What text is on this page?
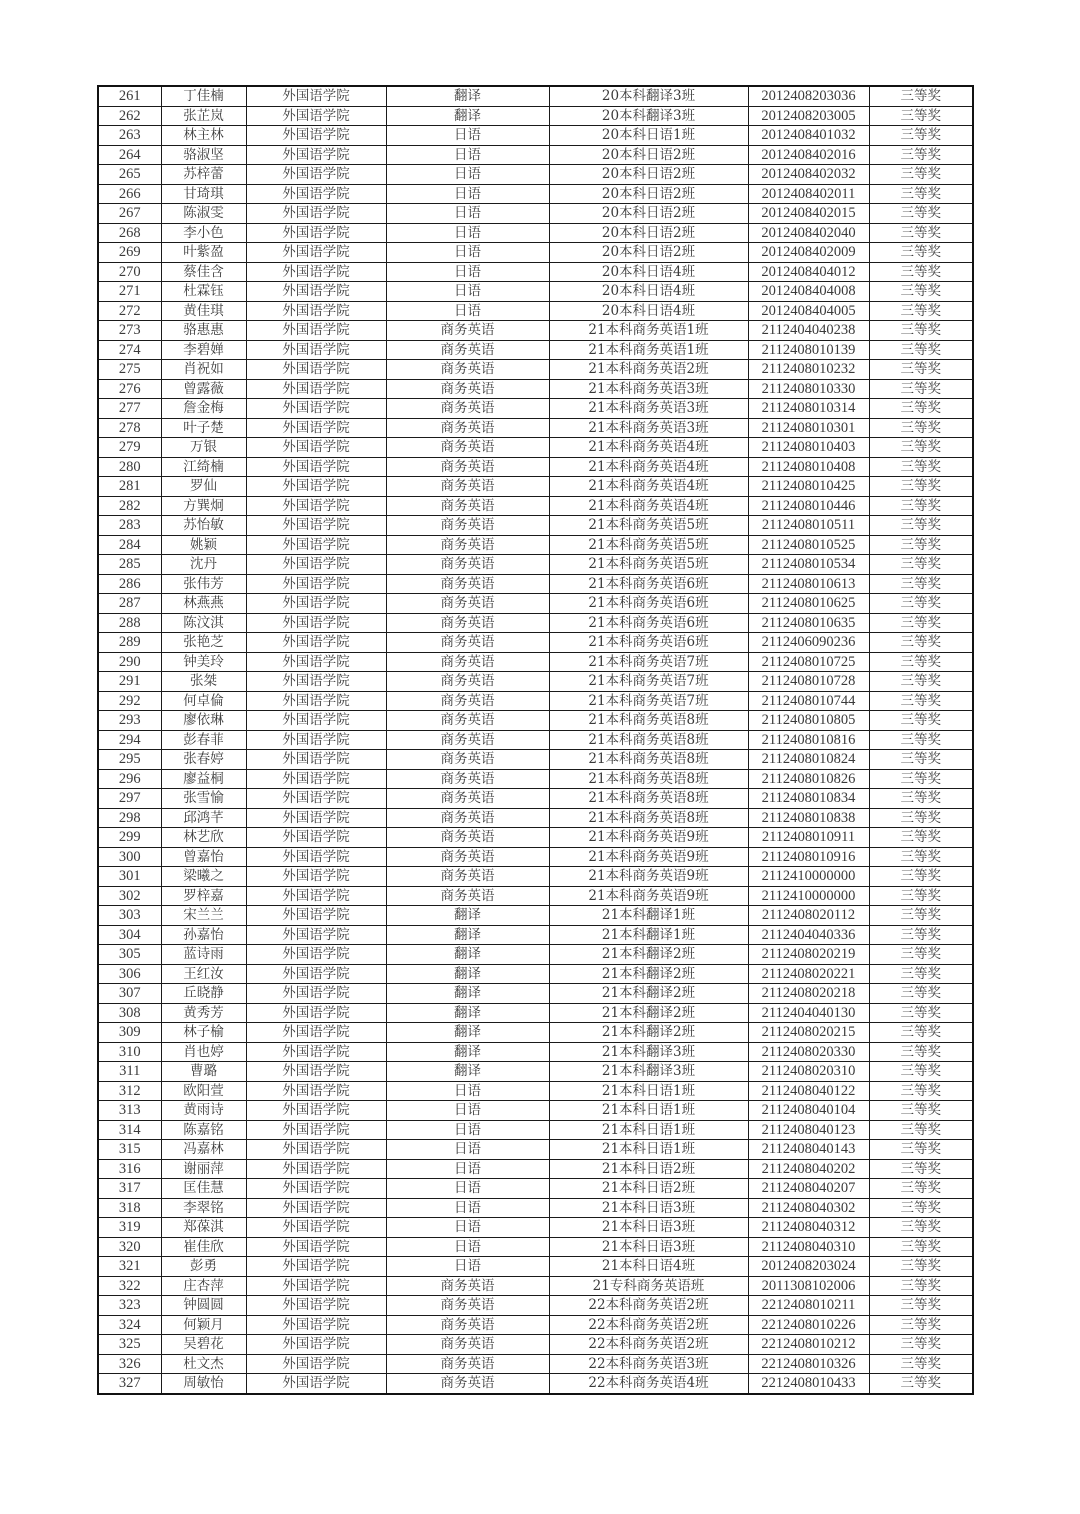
261	丁佳楠	外国语学院	翻译	20本科翻译3班	2012408203036	三等奖
262	张芷岚	外国语学院	翻译	20本科翻译3班	2012408203005	三等奖
263	林主林	外国语学院	日语	20本科日语1班	2012408401032	三等奖
264	骆淑坚	外国语学院	日语	20本科日语2班	2012408402016	三等奖
265	苏梓蕾	外国语学院	日语	20本科日语2班	2012408402032	三等奖
266	甘琦琪	外国语学院	日语	20本科日语2班	2012408402011	三等奖
267	陈淑雯	外国语学院	日语	20本科日语2班	2012408402015	三等奖
268	李小色	外国语学院	日语	20本科日语2班	2012408402040	三等奖
269	叶紫盈	外国语学院	日语	20本科日语2班	2012408402009	三等奖
270	蔡佳含	外国语学院	日语	20本科日语4班	2012408404012	三等奖
271	杜霖钰	外国语学院	日语	20本科日语4班	2012408404008	三等奖
272	黄佳琪	外国语学院	日语	20本科日语4班	2012408404005	三等奖
273	骆惠惠	外国语学院	商务英语	21本科商务英语1班	2112404040238	三等奖
274	李碧婵	外国语学院	商务英语	21本科商务英语1班	2112408010139	三等奖
275	肖祝如	外国语学院	商务英语	21本科商务英语2班	2112408010232	三等奖
276	曾露薇	外国语学院	商务英语	21本科商务英语3班	2112408010330	三等奖
277	詹金梅	外国语学院	商务英语	21本科商务英语3班	2112408010314	三等奖
278	叶子楚	外国语学院	商务英语	21本科商务英语3班	2112408010301	三等奖
279	万银	外国语学院	商务英语	21本科商务英语4班	2112408010403	三等奖
280	江绮楠	外国语学院	商务英语	21本科商务英语4班	2112408010408	三等奖
281	罗仙	外国语学院	商务英语	21本科商务英语4班	2112408010425	三等奖
282	方巽炯	外国语学院	商务英语	21本科商务英语4班	2112408010446	三等奖
283	苏怡敏	外国语学院	商务英语	21本科商务英语5班	2112408010511	三等奖
284	姚颖	外国语学院	商务英语	21本科商务英语5班	2112408010525	三等奖
285	沈丹	外国语学院	商务英语	21本科商务英语5班	2112408010534	三等奖
286	张伟芳	外国语学院	商务英语	21本科商务英语6班	2112408010613	三等奖
287	林燕燕	外国语学院	商务英语	21本科商务英语6班	2112408010625	三等奖
288	陈汶淇	外国语学院	商务英语	21本科商务英语6班	2112408010635	三等奖
289	张艳芝	外国语学院	商务英语	21本科商务英语6班	2112406090236	三等奖
290	钟美玲	外国语学院	商务英语	21本科商务英语7班	2112408010725	三等奖
291	张桀	外国语学院	商务英语	21本科商务英语7班	2112408010728	三等奖
292	何卓倫	外国语学院	商务英语	21本科商务英语7班	2112408010744	三等奖
293	廖依琳	外国语学院	商务英语	21本科商务英语8班	2112408010805	三等奖
294	彭春菲	外国语学院	商务英语	21本科商务英语8班	2112408010816	三等奖
295	张春婷	外国语学院	商务英语	21本科商务英语8班	2112408010824	三等奖
296	廖益桐	外国语学院	商务英语	21本科商务英语8班	2112408010826	三等奖
297	张雪愉	外国语学院	商务英语	21本科商务英语8班	2112408010834	三等奖
298	邱鸿芊	外国语学院	商务英语	21本科商务英语8班	2112408010838	三等奖
299	林艺欣	外国语学院	商务英语	21本科商务英语9班	2112408010911	三等奖
300	曾嘉怡	外国语学院	商务英语	21本科商务英语9班	2112408010916	三等奖
301	梁曦之	外国语学院	商务英语	21本科商务英语9班	2112410000000	三等奖
302	罗梓嘉	外国语学院	商务英语	21本科商务英语9班	2112410000000	三等奖
303	宋兰兰	外国语学院	翻译	21本科翻译1班	2112408020112	三等奖
304	孙嘉怡	外国语学院	翻译	21本科翻译1班	2112404040336	三等奖
305	蓝诗雨	外国语学院	翻译	21本科翻译2班	2112408020219	三等奖
306	王红汝	外国语学院	翻译	21本科翻译2班	2112408020221	三等奖
307	丘晓静	外国语学院	翻译	21本科翻译2班	2112408020218	三等奖
308	黄秀芳	外国语学院	翻译	21本科翻译2班	2112404040130	三等奖
309	林子榆	外国语学院	翻译	21本科翻译2班	2112408020215	三等奖
310	肖也婷	外国语学院	翻译	21本科翻译3班	2112408020330	三等奖
311	曹璐	外国语学院	翻译	21本科翻译3班	2112408020310	三等奖
312	欧阳萱	外国语学院	日语	21本科日语1班	2112408040122	三等奖
313	黄雨诗	外国语学院	日语	21本科日语1班	2112408040104	三等奖
314	陈嘉铭	外国语学院	日语	21本科日语1班	2112408040123	三等奖
315	冯嘉林	外国语学院	日语	21本科日语1班	2112408040143	三等奖
316	谢丽萍	外国语学院	日语	21本科日语2班	2112408040202	三等奖
317	匡佳慧	外国语学院	日语	21本科日语2班	2112408040207	三等奖
318	李翠铭	外国语学院	日语	21本科日语3班	2112408040302	三等奖
319	郑葆淇	外国语学院	日语	21本科日语3班	2112408040312	三等奖
320	崔佳欣	外国语学院	日语	21本科日语3班	2112408040310	三等奖
321	彭勇	外国语学院	日语	21本科日语4班	2012408203024	三等奖
322	庄杏萍	外国语学院	商务英语	21专科商务英语班	2011308102006	三等奖
323	钟圆圆	外国语学院	商务英语	22本科商务英语2班	2212408010211	三等奖
324	何颖月	外国语学院	商务英语	22本科商务英语2班	2212408010226	三等奖
325	吴碧花	外国语学院	商务英语	22本科商务英语2班	2212408010212	三等奖
326	杜文杰	外国语学院	商务英语	22本科商务英语3班	2212408010326	三等奖
327	周敏怡	外国语学院	商务英语	22本科商务英语4班	2212408010433	三等奖
